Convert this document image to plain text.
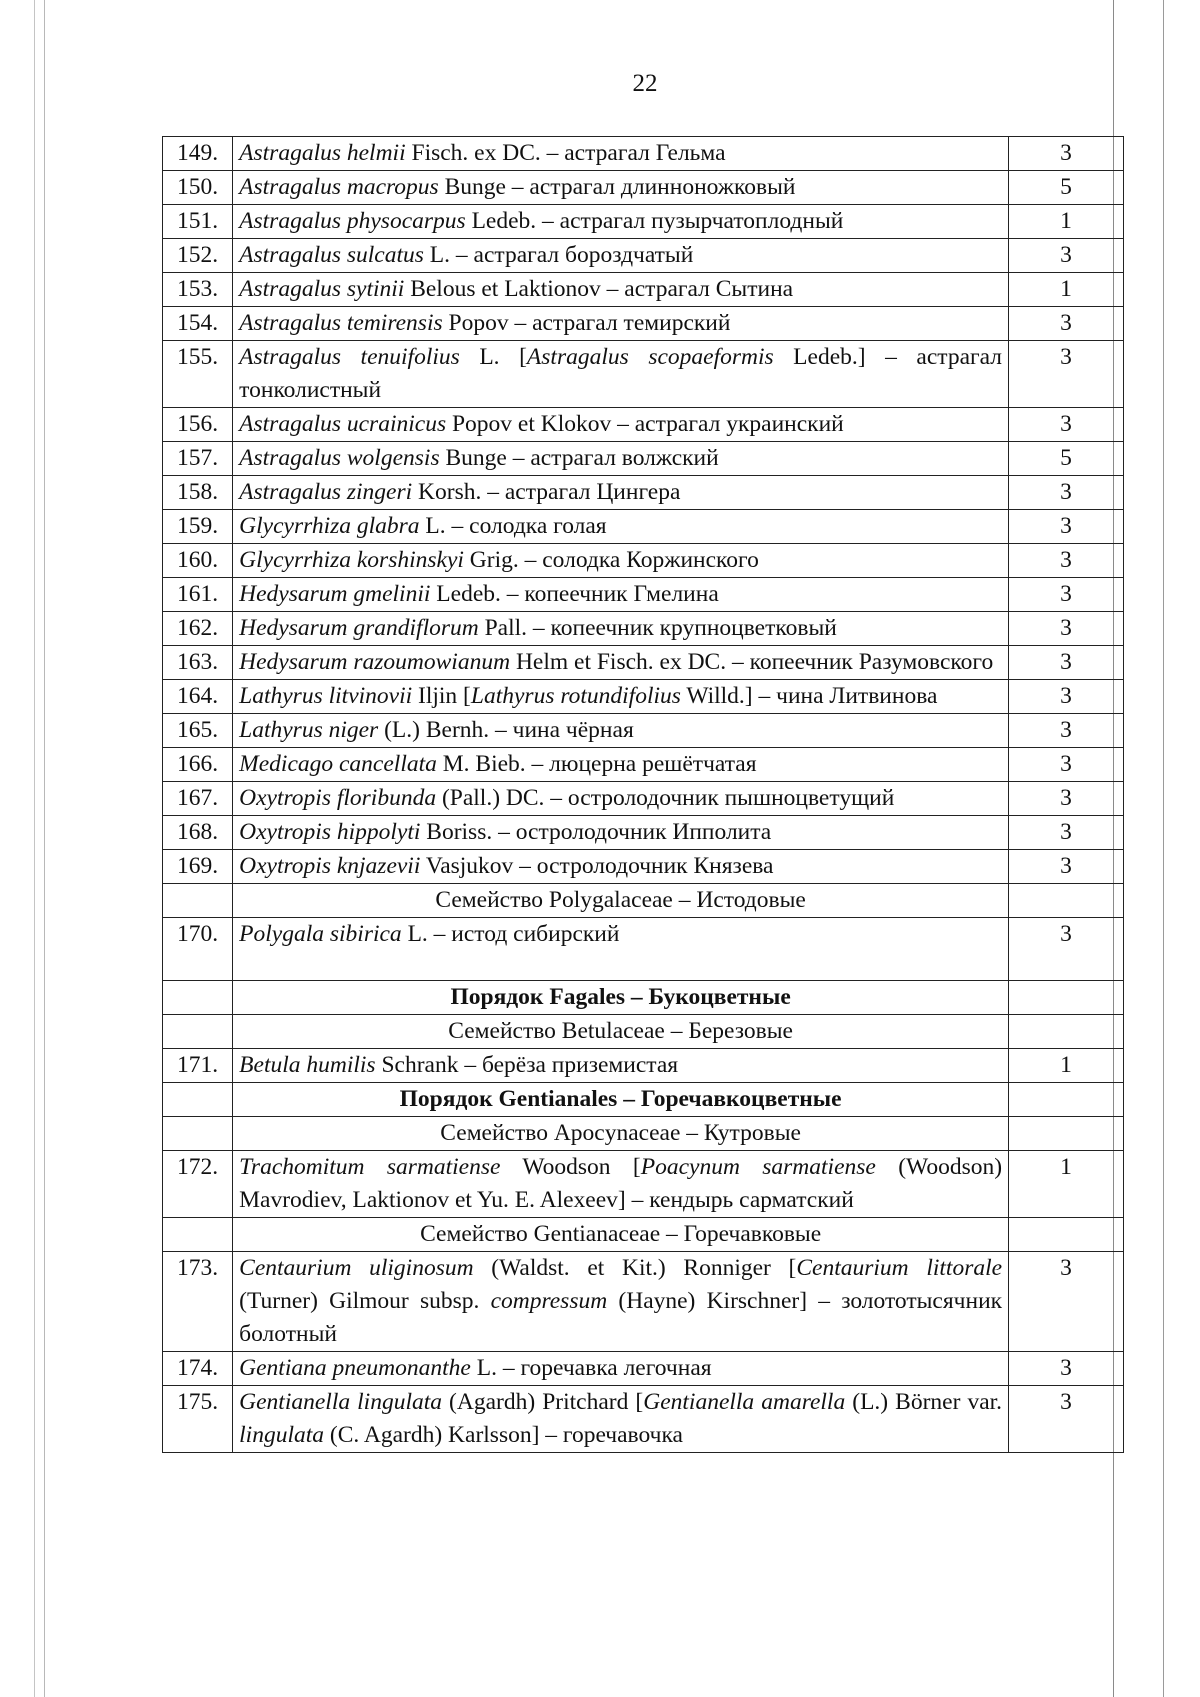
22
149.	Astragalus helmii Fisch. ex DC. – астрагал Гельма	3
150.	Astragalus macropus Bunge – астрагал длинноножковый	5
151.	Astragalus physocarpus Ledeb. – астрагал пузырчатоплодный	1
152.	Astragalus sulcatus L. – астрагал бороздчатый	3
153.	Astragalus sytinii Belous et Laktionov – астрагал Сытина	1
154.	Astragalus temirensis Popov – астрагал темирский	3
155.	Astragalus tenuifolius L. [Astragalus scopaeformis Ledeb.] – астрагал тонколистный	3
156.	Astragalus ucrainicus Popov et Klokov – астрагал украинский	3
157.	Astragalus wolgensis Bunge – астрагал волжский	5
158.	Astragalus zingeri Korsh. – астрагал Цингера	3
159.	Glycyrrhiza glabra L. – солодка голая	3
160.	Glycyrrhiza korshinskyi Grig. – солодка Коржинского	3
161.	Hedysarum gmelinii Ledeb. – копеечник Гмелина	3
162.	Hedysarum grandiflorum Pall. – копеечник крупноцветковый	3
163.	Hedysarum razoumowianum Helm et Fisch. ex DC. – копеечник Разумовского	3
164.	Lathyrus litvinovii Iljin [Lathyrus rotundifolius Willd.] – чина Литвинова	3
165.	Lathyrus niger (L.) Bernh. – чина чёрная	3
166.	Medicago cancellata M. Bieb. – люцерна решётчатая	3
167.	Oxytropis floribunda (Pall.) DC. – остролодочник пышноцветущий	3
168.	Oxytropis hippolyti Boriss. – остролодочник Ипполита	3
169.	Oxytropis knjazevii Vasjukov – остролодочник Князева	3
	Семейство Polygalaceae – Истодовые	
170.	Polygala sibirica L. – истод сибирский	3
	Порядок Fagales – Букоцветные	
	Семейство Betulaceae – Березовые	
171.	Betula humilis Schrank – берёза приземистая	1
	Порядок Gentianales – Горечавкоцветные	
	Семейство Apocynaceae – Кутровые	
172.	Trachomitum sarmatiense Woodson [Poacynum sarmatiense (Woodson) Mavrodiev, Laktionov et Yu. E. Alexeev] – кендырь сарматский	1
	Семейство Gentianaceae – Горечавковые	
173.	Centaurium uliginosum (Waldst. et Kit.) Ronniger [Centaurium littorale (Turner) Gilmour subsp. compressum (Hayne) Kirschner] – золототысячник болотный	3
174.	Gentiana pneumonanthe L. – горечавка легочная	3
175.	Gentianella lingulata (Agardh) Pritchard [Gentianella amarella (L.) Börner var. lingulata (C. Agardh) Karlsson] – горечавочка	3
